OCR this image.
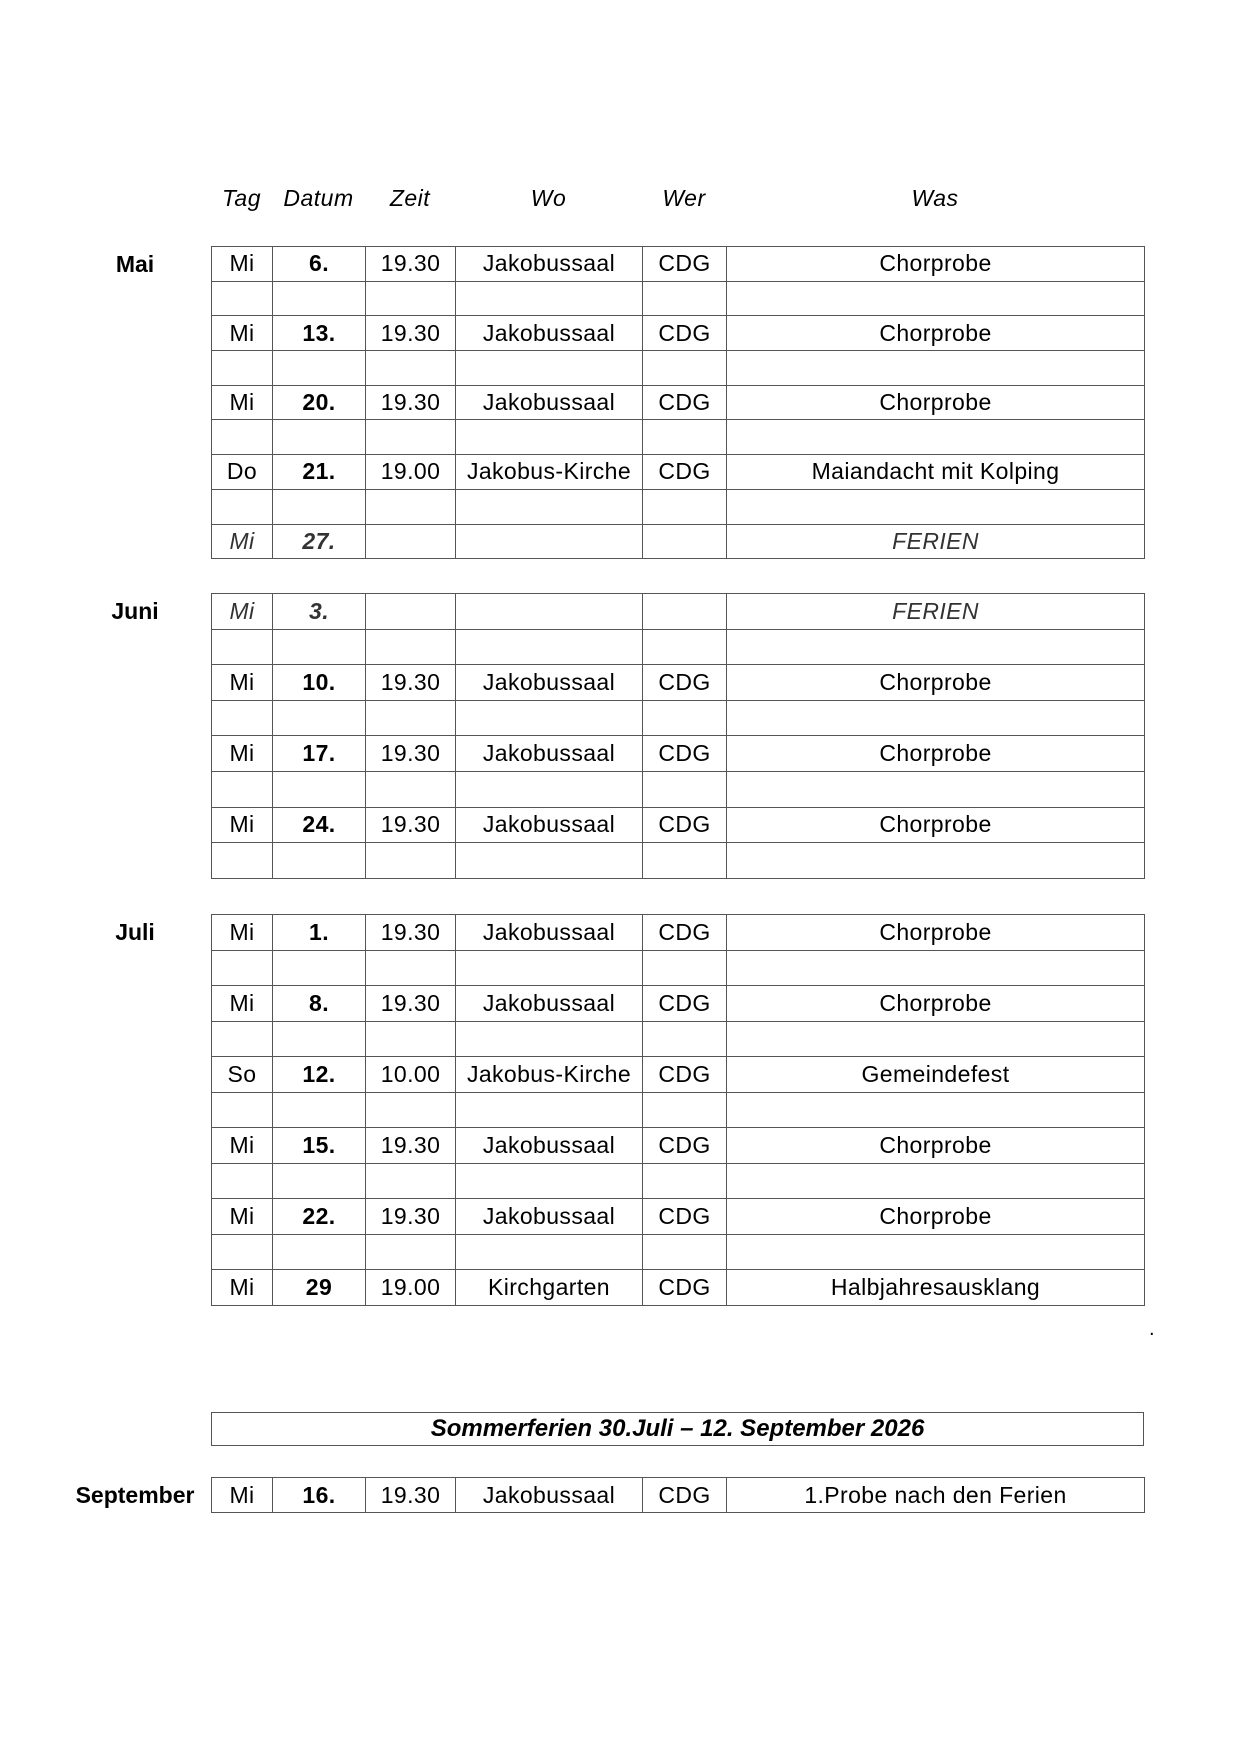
Tag Datum	Zeit	Wo	Wer	Was
Mai	Mi	6.	19.30	Jakobussaal	CDG	Chorprobe

Mi	13.	19.30	Jakobussaal	CDG	Chorprobe

Mi	20.	19.30	Jakobussaal	CDG	Chorprobe

Do	21.	19.00	Jakobus-Kirche	CDG	Maiandacht mit Kolping

Mi	27.				FERIEN
Juni	Mi	3.				FERIEN

Mi	10.	19.30	Jakobussaal	CDG	Chorprobe

Mi	17.	19.30	Jakobussaal	CDG	Chorprobe

Mi	24.	19.30	Jakobussaal	CDG	Chorprobe

Juli	Mi	1.	19.30	Jakobussaal	CDG	Chorprobe

Mi	8.	19.30	Jakobussaal	CDG	Chorprobe

So	12.	10.00	Jakobus-Kirche	CDG	Gemeindefest

Mi	15.	19.30	Jakobussaal	CDG	Chorprobe

Mi	22.	19.30	Jakobussaal	CDG	Chorprobe

Mi	29	19.00	Kirchgarten	CDG	Halbjahresausklang
.
Sommerferien 30.Juli – 12. September 2026
September	Mi	16.	19.30	Jakobussaal	CDG	1.Probe nach den Ferien
